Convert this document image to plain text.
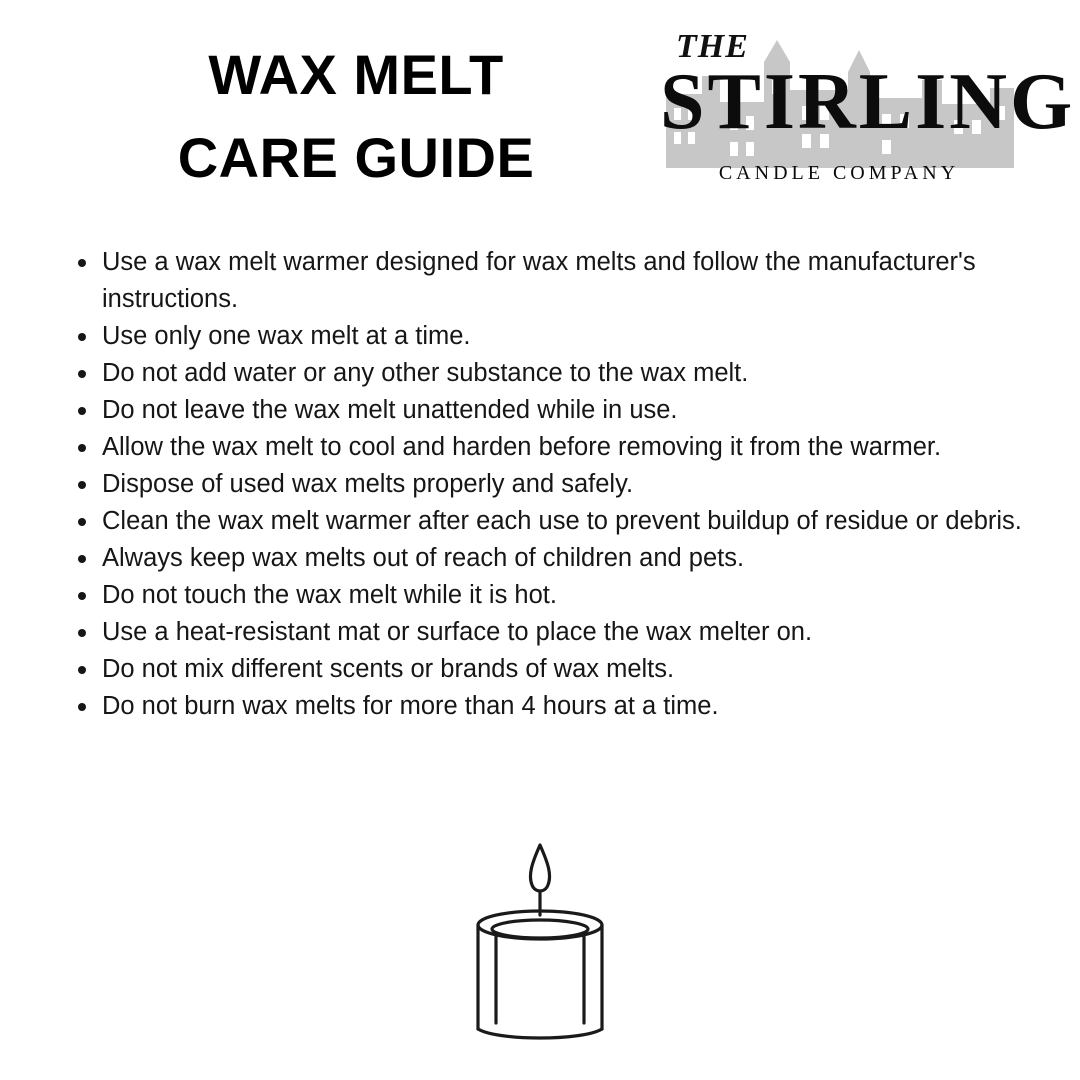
WAX MELT
CARE GUIDE
THE
STIRLING
CANDLE COMPANY
Use a wax melt warmer designed for wax melts and follow the manufacturer's instructions.
Use only one wax melt at a time.
Do not add water or any other substance to the wax melt.
Do not leave the wax melt unattended while in use.
Allow the wax melt to cool and harden before removing it from the warmer.
Dispose of used wax melts properly and safely.
Clean the wax melt warmer after each use to prevent buildup of residue or debris.
Always keep wax melts out of reach of children and pets.
Do not touch the wax melt while it is hot.
Use a heat-resistant mat or surface to place the wax melter on.
Do not mix different scents or brands of wax melts.
Do not burn wax melts for more than 4 hours at a time.
